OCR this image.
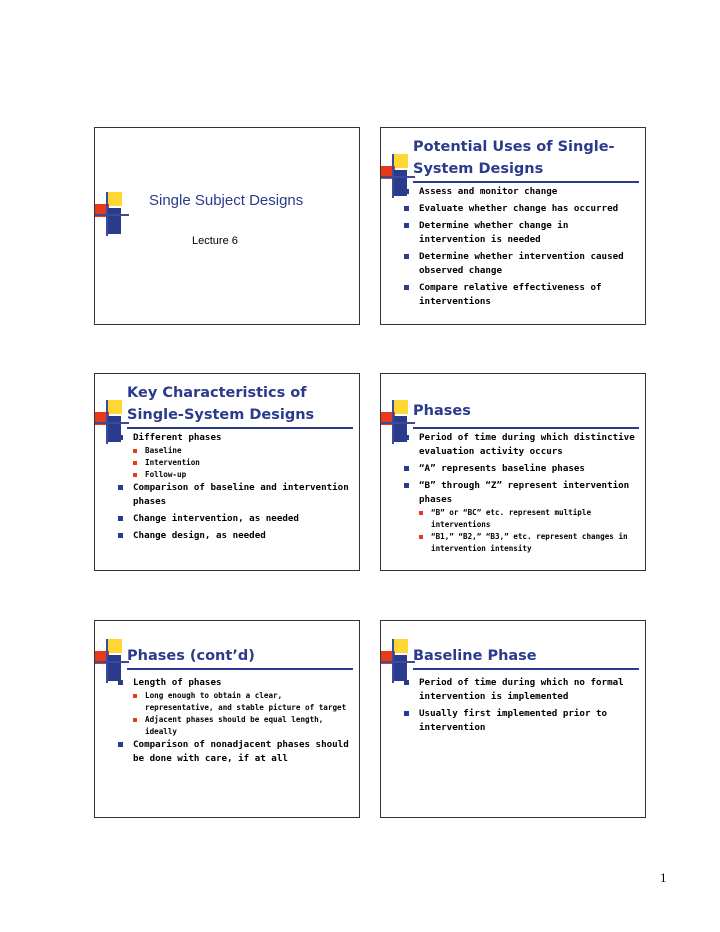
Single Subject Designs
Lecture 6
Potential Uses of Single-System Designs
Assess and monitor change
Evaluate whether change has occurred
Determine whether change in intervention is needed
Determine whether intervention caused observed change
Compare relative effectiveness of interventions
Key Characteristics of Single-System Designs
Different phases
Baseline
Intervention
Follow-up
Comparison of baseline and intervention phases
Change intervention, as needed
Change design, as needed
Phases
Period of time during which distinctive evaluation activity occurs
“A” represents baseline phases
“B” through “Z” represent intervention phases
“B” or “BC” etc. represent multiple interventions
“B1,” “B2,” “B3,” etc. represent changes in intervention intensity
Phases (cont’d)
Length of phases
Long enough to obtain a clear, representative, and stable picture of target
Adjacent phases should be equal length, ideally
Comparison of nonadjacent phases should be done with care, if at all
Baseline Phase
Period of time during which no formal intervention is implemented
Usually first implemented prior to intervention
1
